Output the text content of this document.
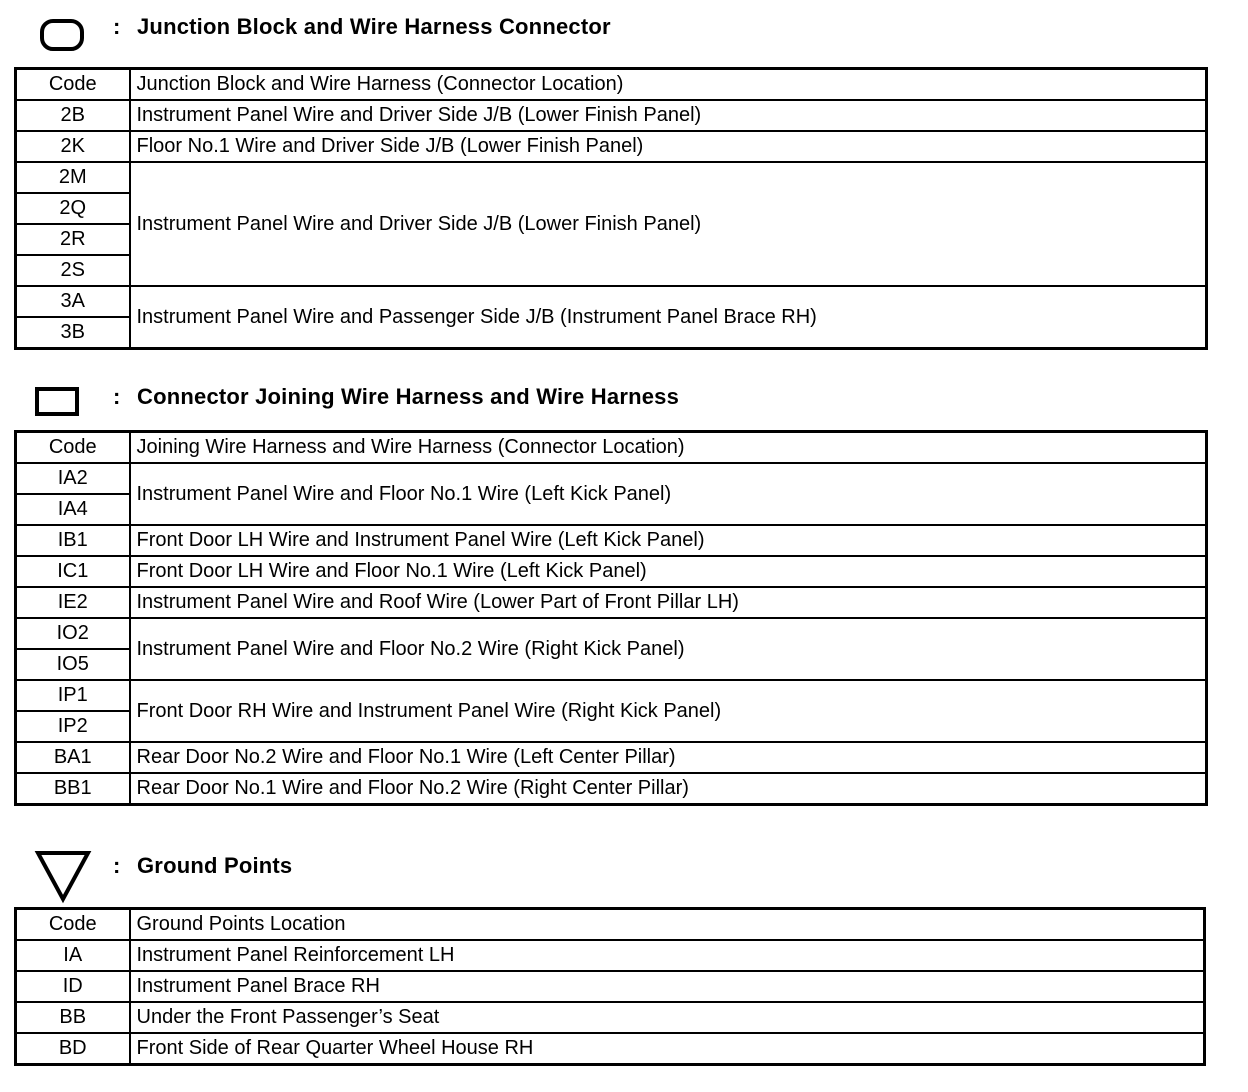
: Junction Block and Wire Harness Connector
Code	Junction Block and Wire Harness (Connector Location)
2B	Instrument Panel Wire and Driver Side J/B (Lower Finish Panel)
2K	Floor No.1 Wire and Driver Side J/B (Lower Finish Panel)
2M	Instrument Panel Wire and Driver Side J/B (Lower Finish Panel)
2Q	
2R	
2S	
3A	Instrument Panel Wire and Passenger Side J/B (Instrument Panel Brace RH)
3B	
: Connector Joining Wire Harness and Wire Harness
Code	Joining Wire Harness and Wire Harness (Connector Location)
IA2	Instrument Panel Wire and Floor No.1 Wire (Left Kick Panel)
IA4	
IB1	Front Door LH Wire and Instrument Panel Wire (Left Kick Panel)
IC1	Front Door LH Wire and Floor No.1 Wire (Left Kick Panel)
IE2	Instrument Panel Wire and Roof Wire (Lower Part of Front Pillar LH)
IO2	Instrument Panel Wire and Floor No.2 Wire (Right Kick Panel)
IO5	
IP1	Front Door RH Wire and Instrument Panel Wire (Right Kick Panel)
IP2	
BA1	Rear Door No.2 Wire and Floor No.1 Wire (Left Center Pillar)
BB1	Rear Door No.1 Wire and Floor No.2 Wire (Right Center Pillar)
: Ground Points
Code	Ground Points Location
IA	Instrument Panel Reinforcement LH
ID	Instrument Panel Brace RH
BB	Under the Front Passenger’s Seat
BD	Front Side of Rear Quarter Wheel House RH
